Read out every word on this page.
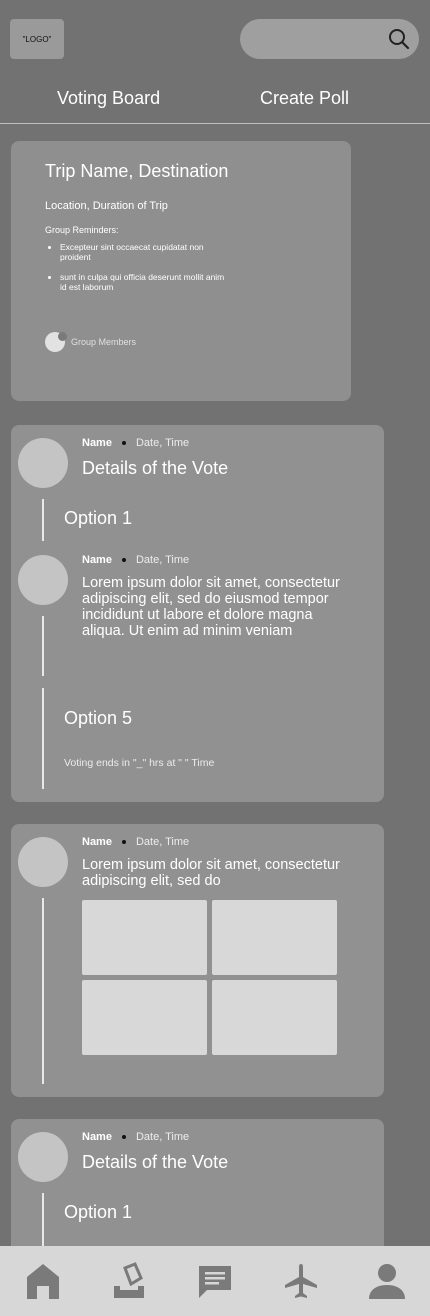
"LOGO"
Voting Board	Create Poll
Trip Name, Destination
Location, Duration of Trip
Group Reminders:
• Excepteur sint occaecat cupidatat non proident
• sunt in culpa qui officia deserunt mollit anim id est laborum
Group Members
Name Date, Time
Details of the Vote
Option 1
Name Date, Time
Lorem ipsum dolor sit amet, consectetur adipiscing elit, sed do eiusmod tempor incididunt ut labore et dolore magna aliqua. Ut enim ad minim veniam
Option 5
Voting ends in "_" hrs at " " Time
Name Date, Time
Lorem ipsum dolor sit amet, consectetur adipiscing elit, sed do
Name Date, Time
Details of the Vote
Option 1
